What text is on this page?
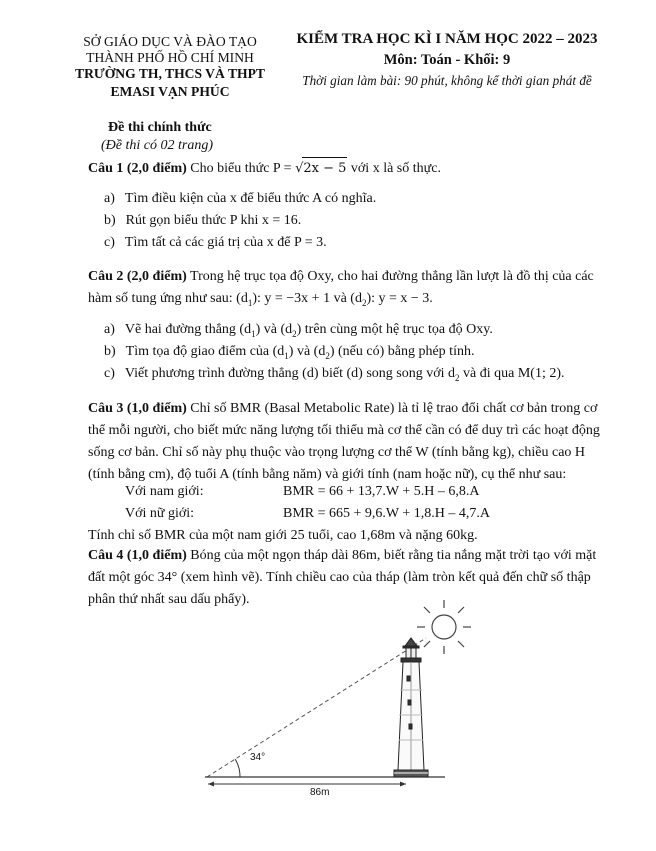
SỞ GIÁO DỤC VÀ ĐÀO TẠO
THÀNH PHỐ HỒ CHÍ MINH
TRƯỜNG TH, THCS VÀ THPT
EMASI VẠN PHÚC
KIỂM TRA HỌC KÌ I NĂM HỌC 2022 – 2023
Môn: Toán - Khối: 9
Thời gian làm bài: 90 phút, không kể thời gian phát đề
Đề thi chính thức
(Đề thi có 02 trang)
Câu 1 (2,0 điểm) Cho biểu thức P = √2x − 5 với x là số thực.
a) Tìm điều kiện của x để biểu thức A có nghĩa.
b) Rút gọn biểu thức P khi x = 16.
c) Tìm tất cả các giá trị của x để P = 3.
Câu 2 (2,0 điểm) Trong hệ trục tọa độ Oxy, cho hai đường thẳng lần lượt là đồ thị của các
hàm số tung ứng như sau: $(d_1)$: y = −3x + 1 và $(d_2)$: y = x − 3.
a) Vẽ hai đường thẳng $(d_1)$ và $(d_2)$ trên cùng một hệ trục tọa độ Oxy.
b) Tìm tọa độ giao điểm của $(d_1)$ và $(d_2)$ (nếu có) bằng phép tính.
c) Viết phương trình đường thẳng (d) biết (d) song song với $d_2$ và đi qua M(1; 2).
Câu 3 (1,0 điểm) Chỉ số BMR (Basal Metabolic Rate) là tỉ lệ trao đổi chất cơ bản trong cơ
thể mỗi người, cho biết mức năng lượng tối thiểu mà cơ thể cần có để duy trì các hoạt động
sống cơ bản. Chỉ số này phụ thuộc vào trọng lượng cơ thể W (tính bằng kg), chiều cao H
(tính bằng cm), độ tuổi A (tính bằng năm) và giới tính (nam hoặc nữ), cụ thể như sau:
Với nam giới:	BMR = 66 + 13,7.W + 5.H – 6,8.A
Với nữ giới:	BMR = 665 + 9,6.W + 1,8.H – 4,7.A
Tính chỉ số BMR của một nam giới 25 tuổi, cao 1,68m và nặng 60kg.
Câu 4 (1,0 điểm) Bóng của một ngọn tháp dài 86m, biết rằng tia nắng mặt trời tạo với mặt
đất một góc 34° (xem hình vẽ). Tính chiều cao của tháp (làm tròn kết quả đến chữ số thập
phân thứ nhất sau dấu phẩy).
34°
86m
